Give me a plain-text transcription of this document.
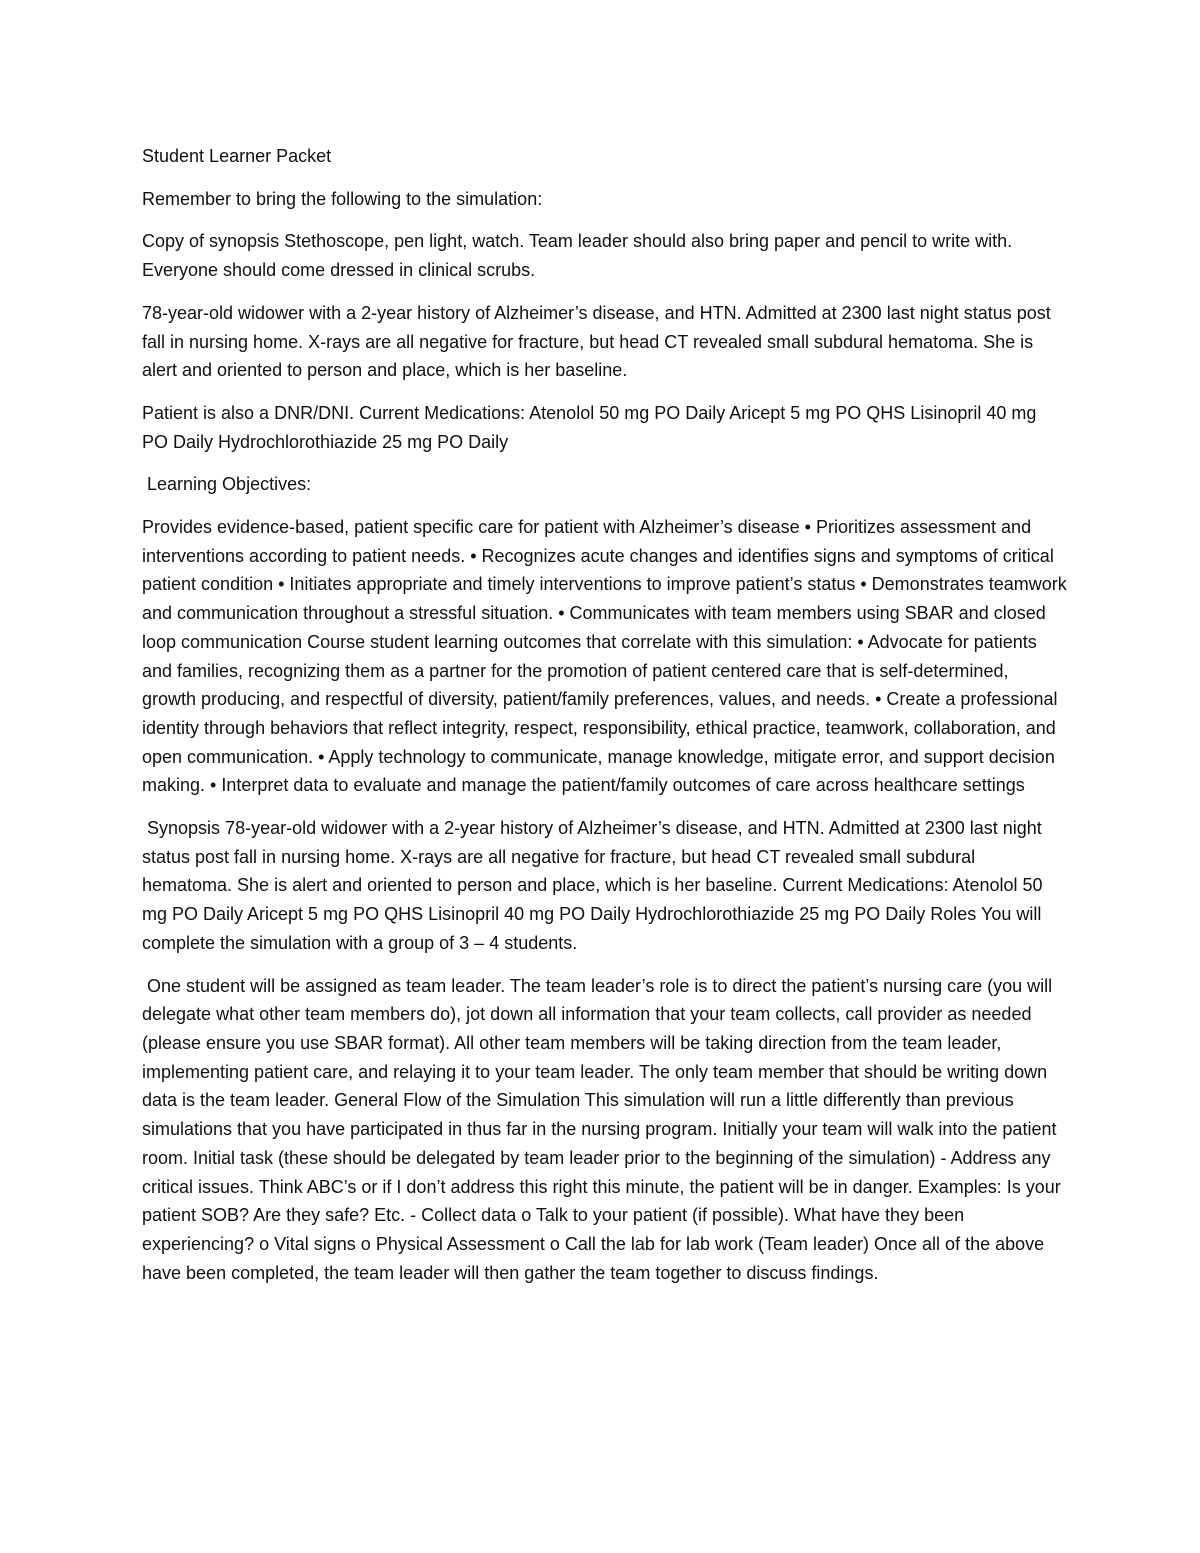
Student Learner Packet

Remember to bring the following to the simulation:

Copy of synopsis Stethoscope, pen light, watch. Team leader should also bring paper and pencil to write with. Everyone should come dressed in clinical scrubs.

78-year-old widower with a 2-year history of Alzheimer’s disease, and HTN. Admitted at 2300 last night status post fall in nursing home. X-rays are all negative for fracture, but head CT revealed small subdural hematoma. She is alert and oriented to person and place, which is her baseline.

Patient is also a DNR/DNI. Current Medications: Atenolol 50 mg PO Daily Aricept 5 mg PO QHS Lisinopril 40 mg PO Daily Hydrochlorothiazide 25 mg PO Daily

Learning Objectives:

Provides evidence-based, patient specific care for patient with Alzheimer’s disease • Prioritizes assessment and interventions according to patient needs. • Recognizes acute changes and identifies signs and symptoms of critical patient condition • Initiates appropriate and timely interventions to improve patient’s status • Demonstrates teamwork and communication throughout a stressful situation. • Communicates with team members using SBAR and closed loop communication Course student learning outcomes that correlate with this simulation: • Advocate for patients and families, recognizing them as a partner for the promotion of patient centered care that is self-determined, growth producing, and respectful of diversity, patient/family preferences, values, and needs. • Create a professional identity through behaviors that reflect integrity, respect, responsibility, ethical practice, teamwork, collaboration, and open communication. • Apply technology to communicate, manage knowledge, mitigate error, and support decision making. • Interpret data to evaluate and manage the patient/family outcomes of care across healthcare settings

Synopsis 78-year-old widower with a 2-year history of Alzheimer’s disease, and HTN. Admitted at 2300 last night status post fall in nursing home. X-rays are all negative for fracture, but head CT revealed small subdural hematoma. She is alert and oriented to person and place, which is her baseline. Current Medications: Atenolol 50 mg PO Daily Aricept 5 mg PO QHS Lisinopril 40 mg PO Daily Hydrochlorothiazide 25 mg PO Daily Roles You will complete the simulation with a group of 3 – 4 students.

One student will be assigned as team leader. The team leader’s role is to direct the patient’s nursing care (you will delegate what other team members do), jot down all information that your team collects, call provider as needed (please ensure you use SBAR format). All other team members will be taking direction from the team leader, implementing patient care, and relaying it to your team leader. The only team member that should be writing down data is the team leader. General Flow of the Simulation This simulation will run a little differently than previous simulations that you have participated in thus far in the nursing program. Initially your team will walk into the patient room. Initial task (these should be delegated by team leader prior to the beginning of the simulation) - Address any critical issues. Think ABC’s or if I don’t address this right this minute, the patient will be in danger. Examples: Is your patient SOB? Are they safe? Etc. - Collect data o Talk to your patient (if possible). What have they been experiencing? o Vital signs o Physical Assessment o Call the lab for lab work (Team leader) Once all of the above have been completed, the team leader will then gather the team together to discuss findings.
